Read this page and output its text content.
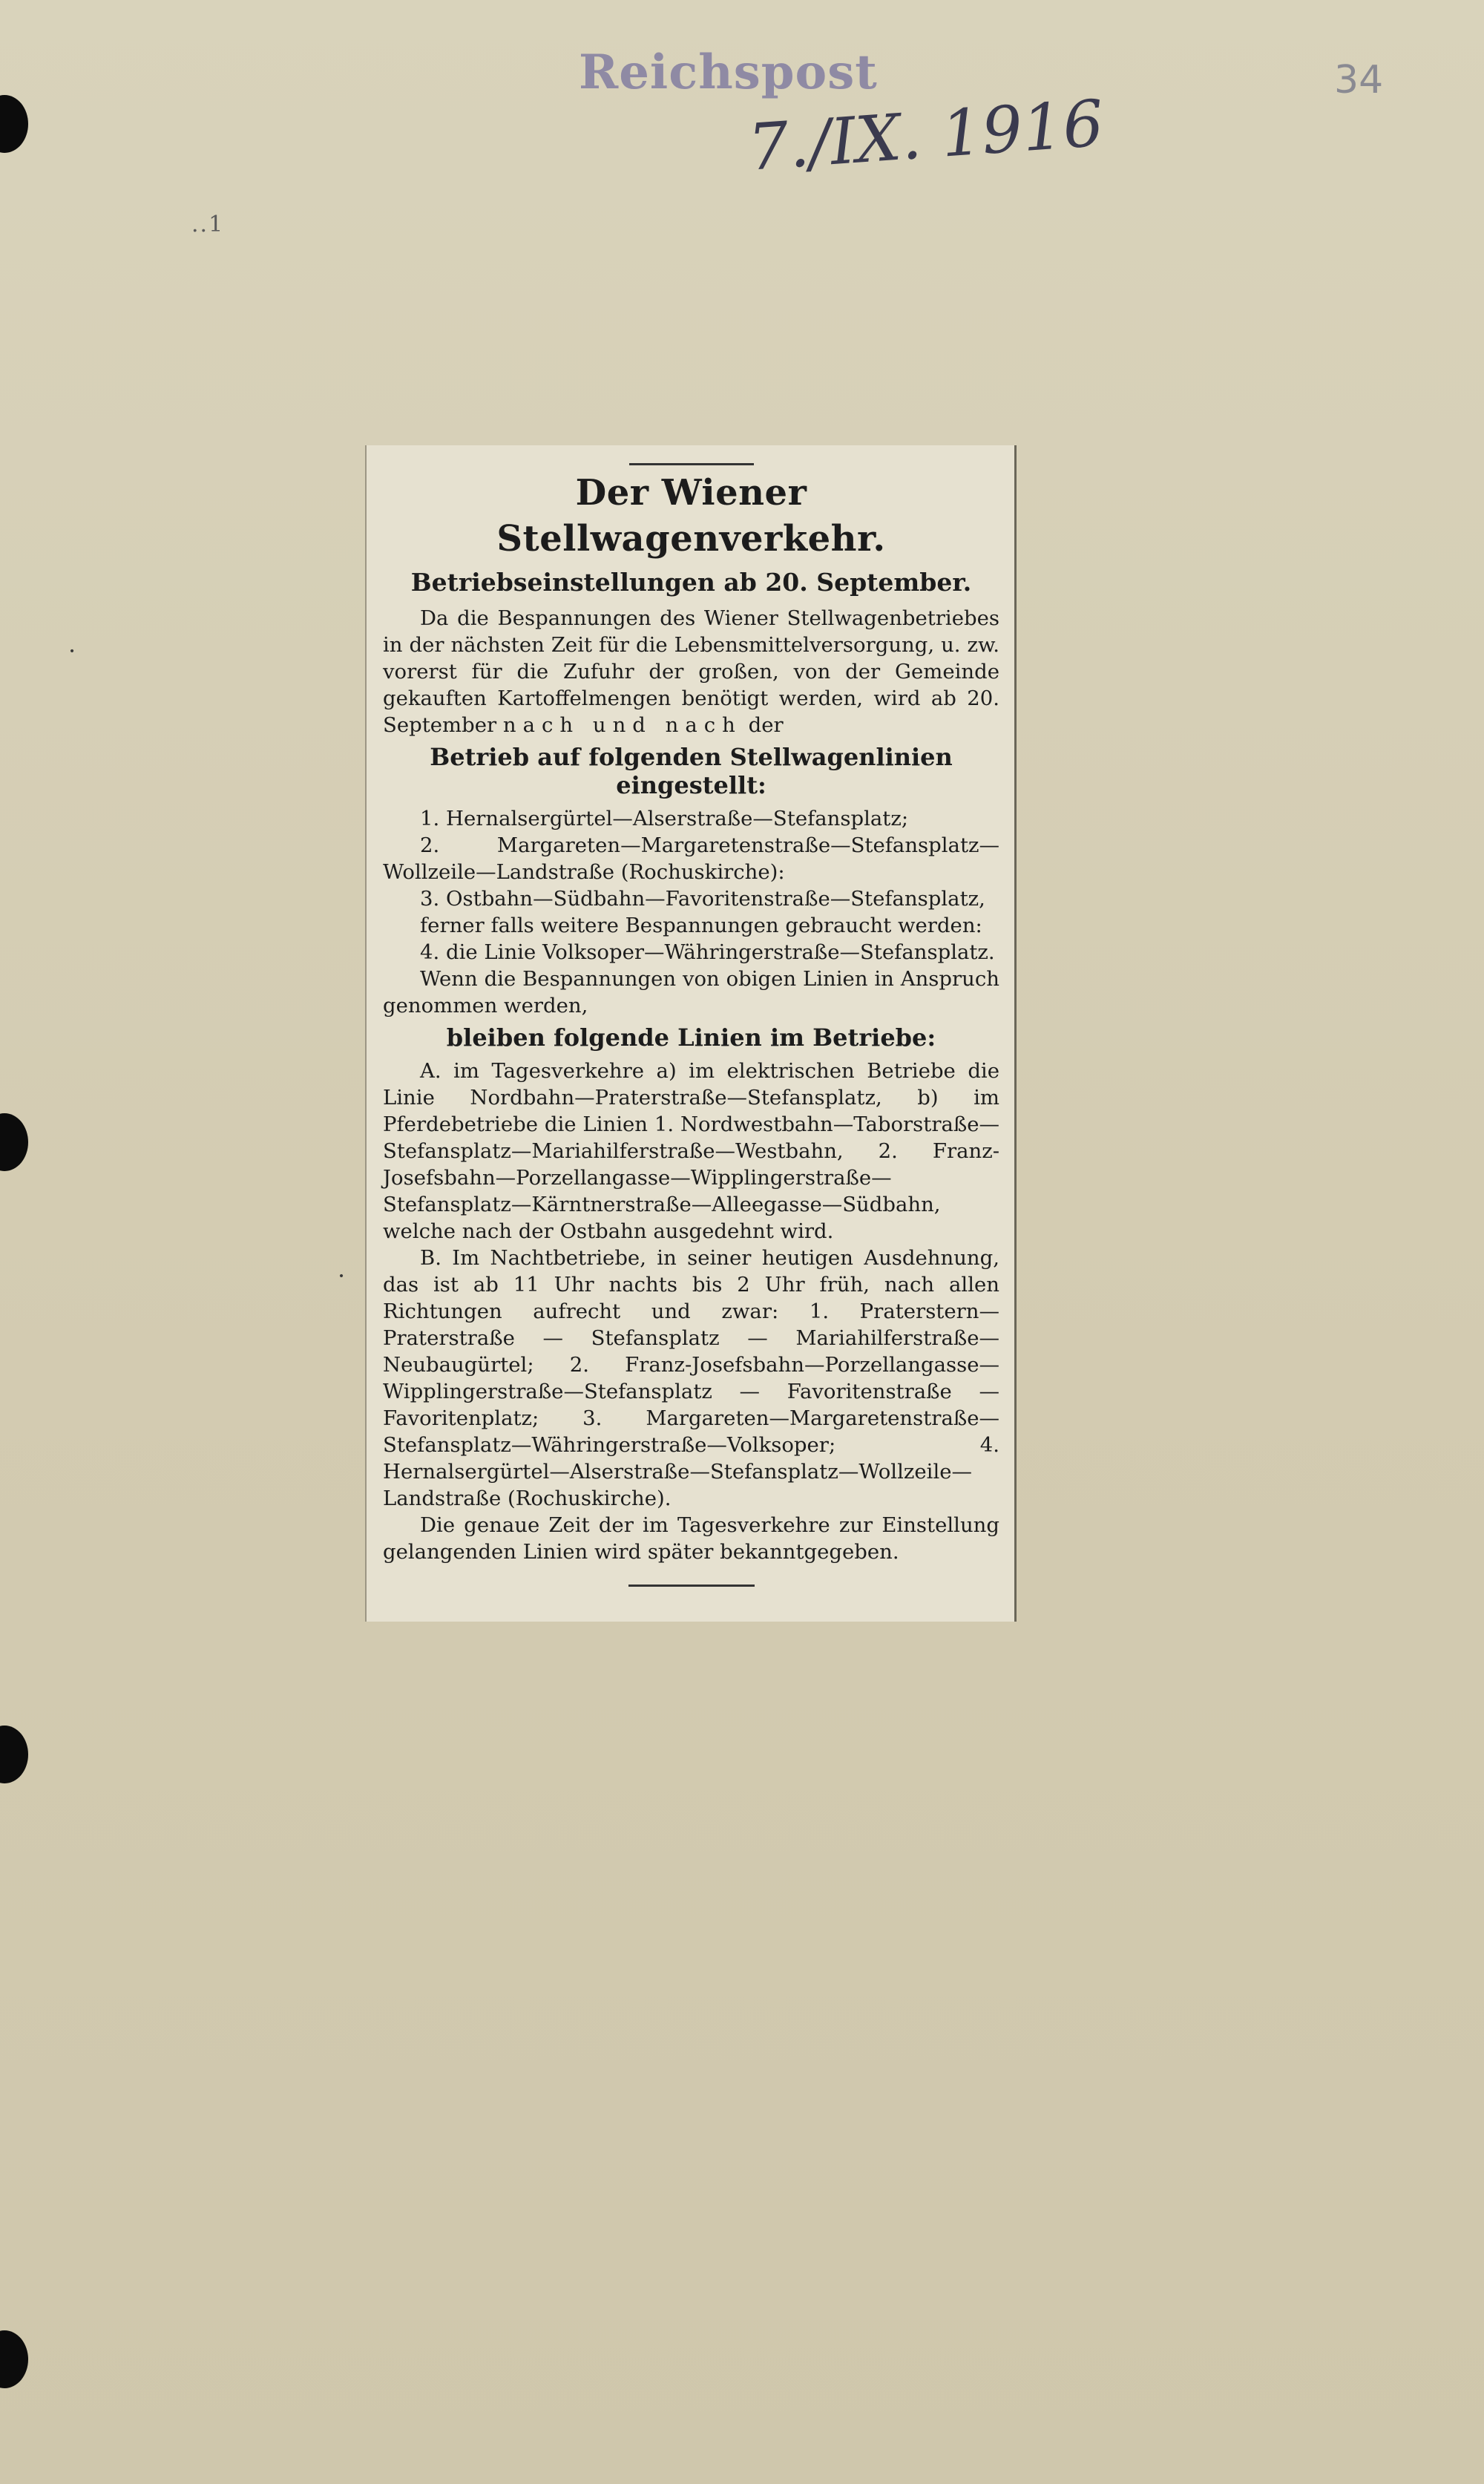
Reichspost
7./IX. 1916
34
..1
·
·
Der Wiener Stellwagenverkehr.
Betriebseinstellungen ab 20. September.

Da die Bespannungen des Wiener Stellwagenbetriebes in der nächsten Zeit für die Lebensmittelversorgung, u. zw. vorerst für die Zufuhr der großen, von der Gemeinde gekauften Kartoffelmengen benötigt werden, wird ab 20. September nach und nach der

Betrieb auf folgenden Stellwagenlinien eingestellt:

1. Hernalsergürtel—Alserstraße—Stefansplatz;

2. Margareten—Margaretenstraße—Stefansplatz—Wollzeile—Landstraße (Rochuskirche):

3. Ostbahn—Südbahn—Favoritenstraße—Stefansplatz,

ferner falls weitere Bespannungen gebraucht werden:

4. die Linie Volksoper—Währingerstraße—Stefansplatz.

Wenn die Bespannungen von obigen Linien in Anspruch genommen werden,

bleiben folgende Linien im Betriebe:

A. im Tagesverkehre a) im elektrischen Betriebe die Linie Nordbahn—Praterstraße—Stefansplatz, b) im Pferdebetriebe die Linien 1. Nordwestbahn—Taborstraße—Stefansplatz—Mariahilferstraße—Westbahn, 2. Franz-Josefsbahn—Porzellangasse—Wipplingerstraße—Stefansplatz—Kärntnerstraße—Alleegasse—Südbahn, welche nach der Ostbahn ausgedehnt wird.

B. Im Nachtbetriebe, in seiner heutigen Ausdehnung, das ist ab 11 Uhr nachts bis 2 Uhr früh, nach allen Richtungen aufrecht und zwar: 1. Praterstern—Praterstraße — Stefansplatz — Mariahilferstraße—Neubaugürtel; 2. Franz-Josefsbahn—Porzellangasse—Wipplingerstraße—Stefansplatz — Favoritenstraße — Favoritenplatz; 3. Margareten—Margaretenstraße—Stefansplatz—Währingerstraße—Volksoper; 4. Hernalsergürtel—Alserstraße—Stefansplatz—Wollzeile—Landstraße (Rochuskirche).

Die genaue Zeit der im Tagesverkehre zur Einstellung gelangenden Linien wird später bekanntgegeben.
